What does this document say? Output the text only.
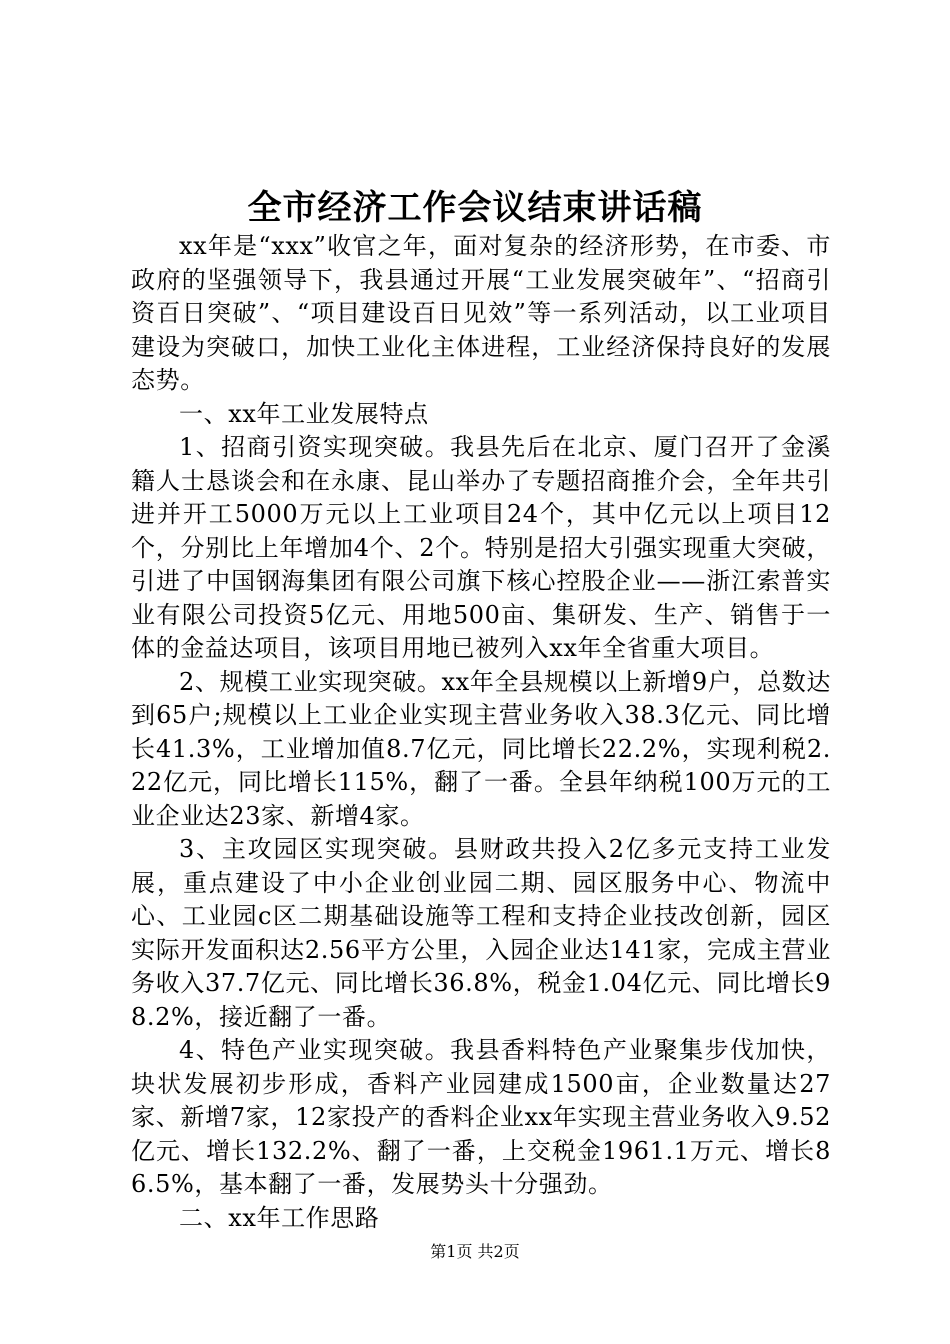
全市经济工作会议结束讲话稿

xx年是“xxx”收官之年，面对复杂的经济形势，在市委、市政府的坚强领导下，我县通过开展“工业发展突破年”、“招商引资百日突破”、“项目建设百日见效”等一系列活动，以工业项目建设为突破口，加快工业化主体进程，工业经济保持良好的发展态势。

一、xx年工业发展特点

1、招商引资实现突破。我县先后在北京、厦门召开了金溪籍人士恳谈会和在永康、昆山举办了专题招商推介会，全年共引进并开工5000万元以上工业项目24个，其中亿元以上项目12个，分别比上年增加4个、2个。特别是招大引强实现重大突破，引进了中国钢海集团有限公司旗下核心控股企业——浙江索普实业有限公司投资5亿元、用地500亩、集研发、生产、销售于一体的金益达项目，该项目用地已被列入xx年全省重大项目。

2、规模工业实现突破。xx年全县规模以上新增9户，总数达到65户;规模以上工业企业实现主营业务收入38.3亿元、同比增长41.3%，工业增加值8.7亿元，同比增长22.2%，实现利税2.22亿元，同比增长115%，翻了一番。全县年纳税100万元的工业企业达23家、新增4家。

3、主攻园区实现突破。县财政共投入2亿多元支持工业发展，重点建设了中小企业创业园二期、园区服务中心、物流中心、工业园c区二期基础设施等工程和支持企业技改创新，园区实际开发面积达2.56平方公里，入园企业达141家，完成主营业务收入37.7亿元、同比增长36.8%，税金1.04亿元、同比增长98.2%，接近翻了一番。

4、特色产业实现突破。我县香料特色产业聚集步伐加快，块状发展初步形成，香料产业园建成1500亩，企业数量达27家、新增7家，12家投产的香料企业xx年实现主营业务收入9.52亿元、增长132.2%、翻了一番，上交税金1961.1万元、增长86.5%，基本翻了一番，发展势头十分强劲。

二、xx年工作思路

第1页 共2页
